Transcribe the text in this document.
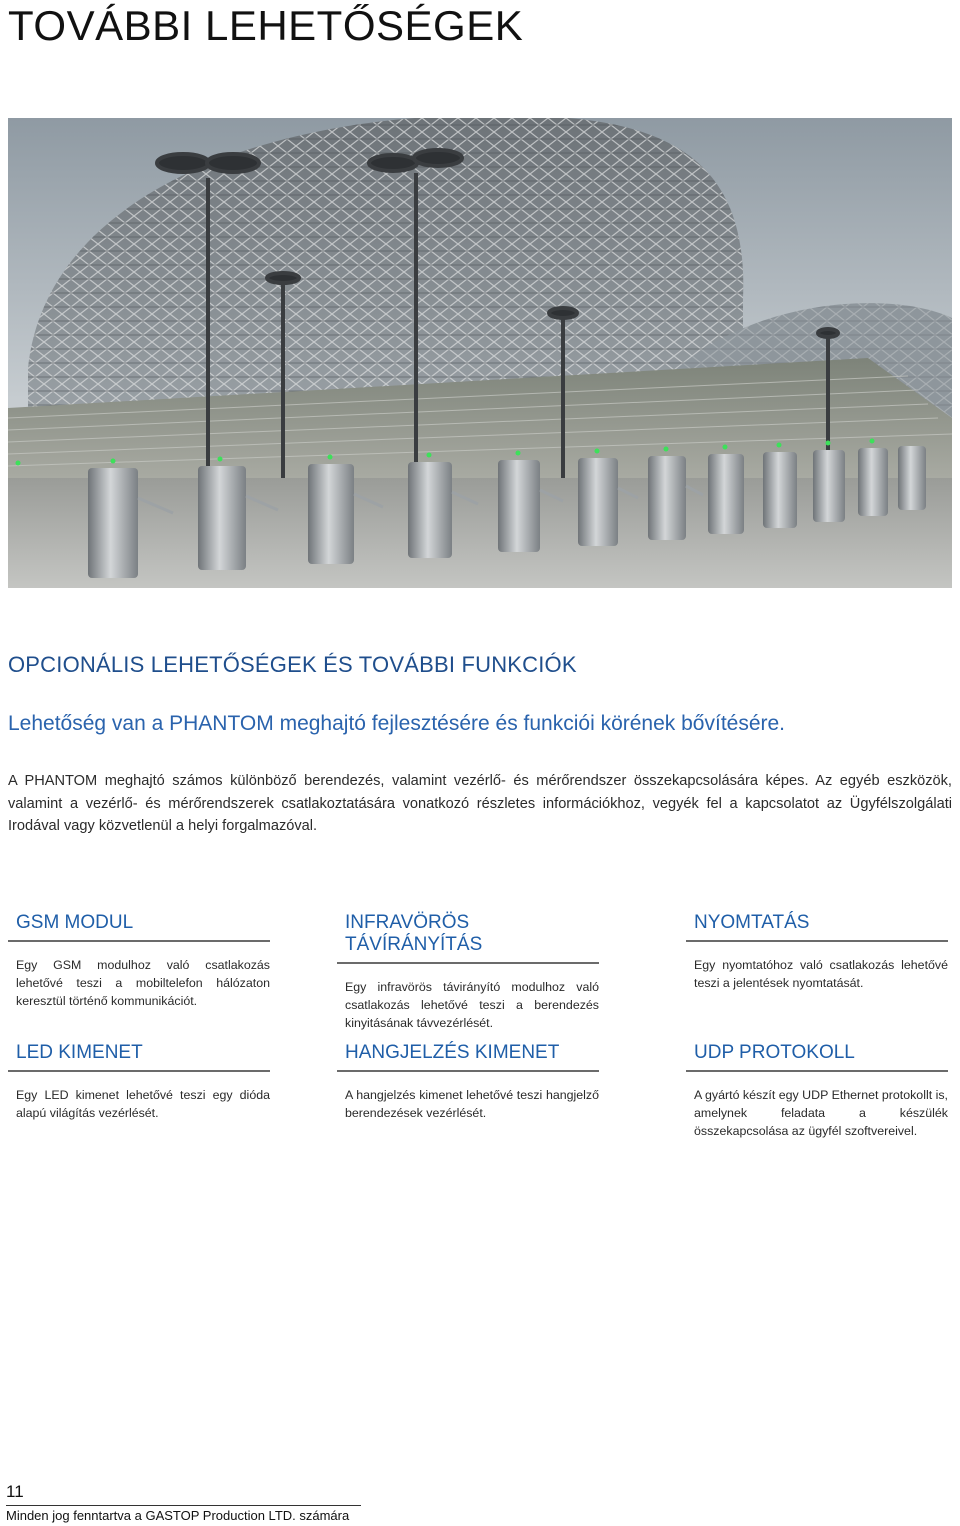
TOVÁBBI LEHETŐSÉGEK
OPCIONÁLIS LEHETŐSÉGEK ÉS TOVÁBBI FUNKCIÓK
Lehetőség van a PHANTOM meghajtó fejlesztésére és funkciói körének bővítésére.

A PHANTOM meghajtó számos különböző berendezés, valamint vezérlő- és mérőrendszer összekapcsolására képes. Az egyéb eszközök, valamint a vezérlő- és mérőrendszerek csatlakoztatására vonatkozó részletes információkhoz, vegyék fel a kapcsolatot az Ügyfélszolgálati Irodával vagy közvetlenül a helyi forgalmazóval.

GSM MODUL

Egy GSM modulhoz való csatlakozás lehetővé teszi a mobiltelefon hálózaton keresztül történő kommunikációt.

INFRAVÖRÖS TÁVÍRÁNYÍTÁS

Egy infravörös távirányító modulhoz való csatlakozás lehetővé teszi a berendezés kinyitásának távvezérlését.

NYOMTATÁS

Egy nyomtatóhoz való csatlakozás lehetővé teszi a jelentések nyomtatását.

LED KIMENET

Egy LED kimenet lehetővé teszi egy dióda alapú világítás vezérlését.

HANGJELZÉS KIMENET

A hangjelzés kimenet lehetővé teszi hangjelző berendezések vezérlését.

UDP PROTOKOLL

A gyártó készít egy UDP Ethernet protokollt is, amelynek feladata a készülék összekapcsolása az ügyfél szoftvereivel.

11
Minden jog fenntartva a GASTOP Production LTD. számára
